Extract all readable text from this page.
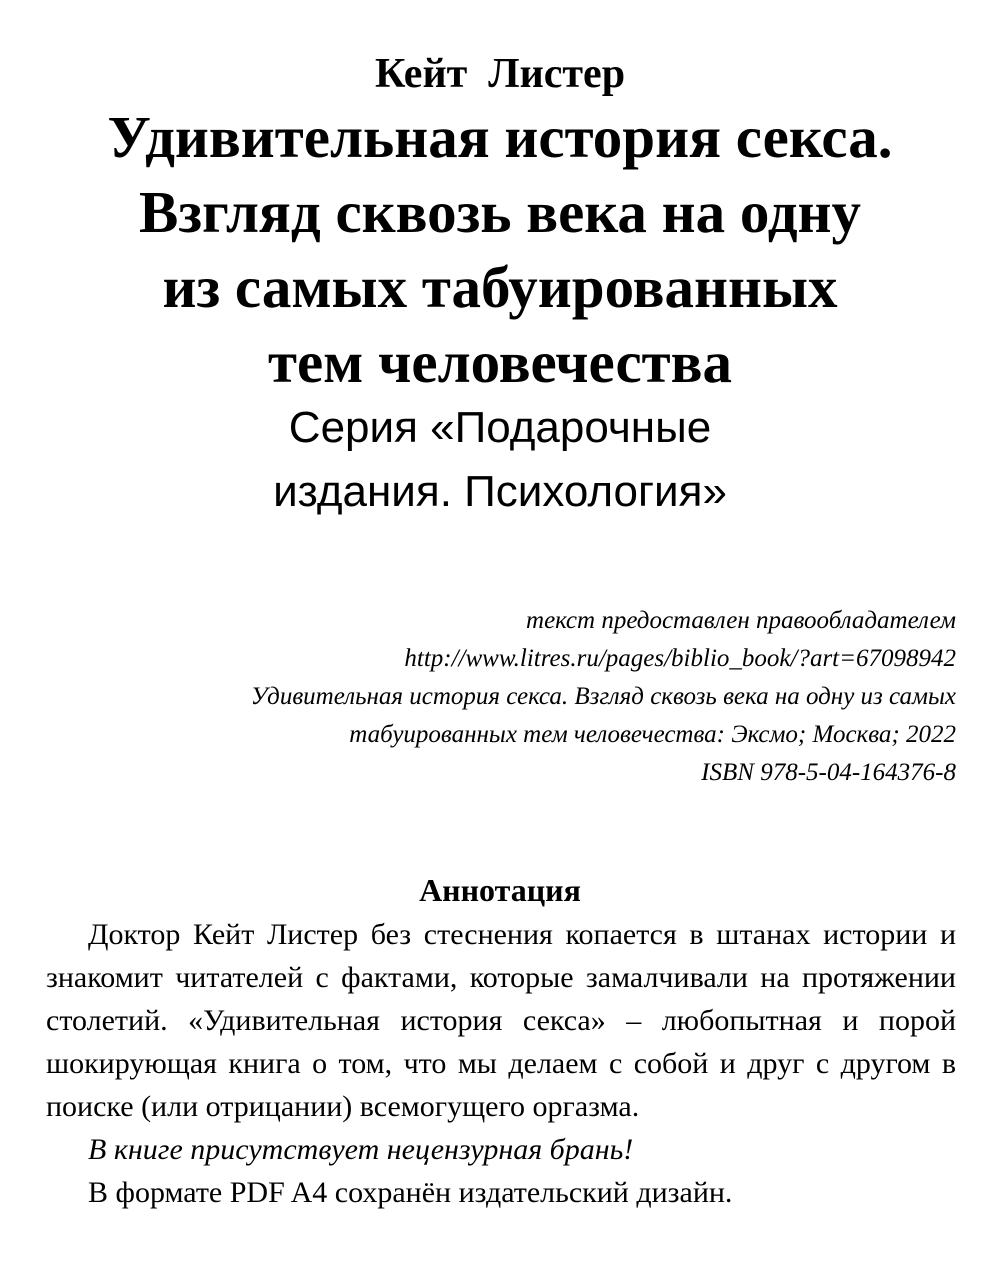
Кейт  Листер
Удивительная история секса.
Взгляд сквозь века на одну
из самых табуированных
тем человечества
Серия «Подарочные
издания. Психология»
текст предоставлен правообладателем
http://www.litres.ru/pages/biblio_book/?art=67098942
Удивительная история секса. Взгляд сквозь века на одну из самых
табуированных тем человечества: Эксмо; Москва; 2022
ISBN 978-5-04-164376-8
Аннотация

Доктор Кейт Листер без стеснения копается в штанах истории и знакомит читателей с фактами, которые замалчивали на протяжении столетий. «Удивительная история секса» – любопытная и порой шокирующая книга о том, что мы делаем с собой и друг с другом в поиске (или отрицании) всемогущего оргазма.

В книге присутствует нецензурная брань!

В формате PDF A4 сохранён издательский дизайн.
